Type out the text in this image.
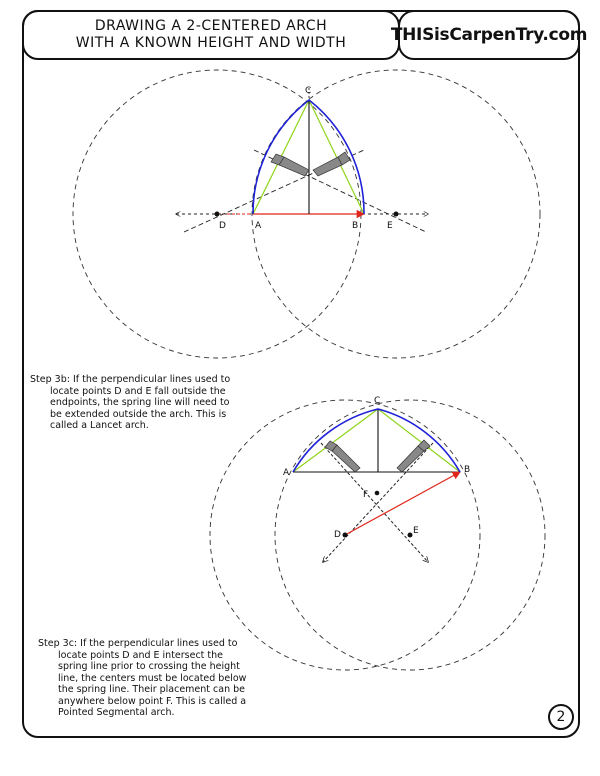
DRAWING A 2-CENTERED ARCH
WITH A KNOWN HEIGHT AND WIDTH	THISisCarpenTry.com
C
D	A	B	E
C
A	B
F
D	E
Step 3b: If the perpendicular lines used to
locate points D and E fall outside the endpoints, the spring line will need to be extended outside the arch. This is called a Lancet arch.
Step 3c: If the perpendicular lines used to
locate points D and E intersect the spring line prior to crossing the height line, the centers must be located below the spring line. Their placement can be anywhere below point F. This is called a Pointed Segmental arch.	2
